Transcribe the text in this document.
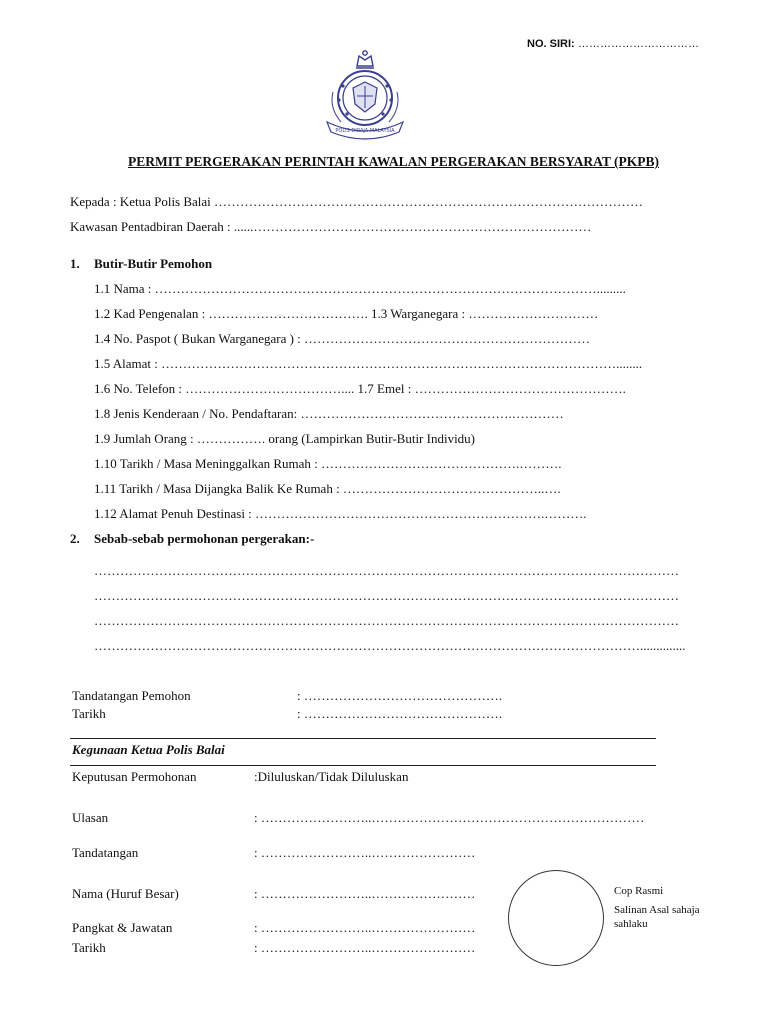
NO. SIRI: ……………………………
POLIS DIRAJA MALAYSIA
PERMIT PERGERAKAN PERINTAH KAWALAN PERGERAKAN BERSYARAT (PKPB)
Kepada : Ketua Polis Balai ………………………………………………………………………………………
Kawasan Pentadbiran Daerah : ......……………………………………………………………………
1. Butir-Butir Pemohon
1.1 Nama : ………………………………………………………………………………………….........
1.2 Kad Pengenalan : ………………………………. 1.3 Warganegara : …………………………
1.4 No. Paspot ( Bukan Warganegara ) : …………………………………………………………
1.5 Alamat : ……………………………………………………………………………………………........
1.6 No. Telefon : ……………………………….... 1.7 Emel : ………………………………………….
1.8 Jenis Kenderaan / No. Pendaftaran: ………………………………………….…………
1.9 Jumlah Orang : ……………. orang (Lampirkan Butir-Butir Individu)
1.10 Tarikh / Masa Meninggalkan Rumah : ……………………………………….……….
1.11 Tarikh / Masa Dijangka Balik Ke Rumah : ………………………………………..….
1.12 Alamat Penuh Destinasi : ………………………………………………………….……….
2. Sebab-sebab permohonan pergerakan:-
………………………………………………………………………………………………………………………
………………………………………………………………………………………………………………………
………………………………………………………………………………………………………………………
………………………………………………………………………………………………………………..............
Tandatangan Pemohon	: ……………………………………….
Tarikh	: ……………………………………….
Kegunaan Ketua Polis Balai
Keputusan Permohonan	:Diluluskan/Tidak Diluluskan
Ulasan	: ……………………..………………………………………………………
Tandatangan	: ……………………..……………………
Nama (Huruf Besar)	: ……………………..……………………
Pangkat & Jawatan	: ……………………..……………………
Tarikh	: ……………………..……………………
Cop Rasmi
Salinan Asal sahaja
sahlaku
